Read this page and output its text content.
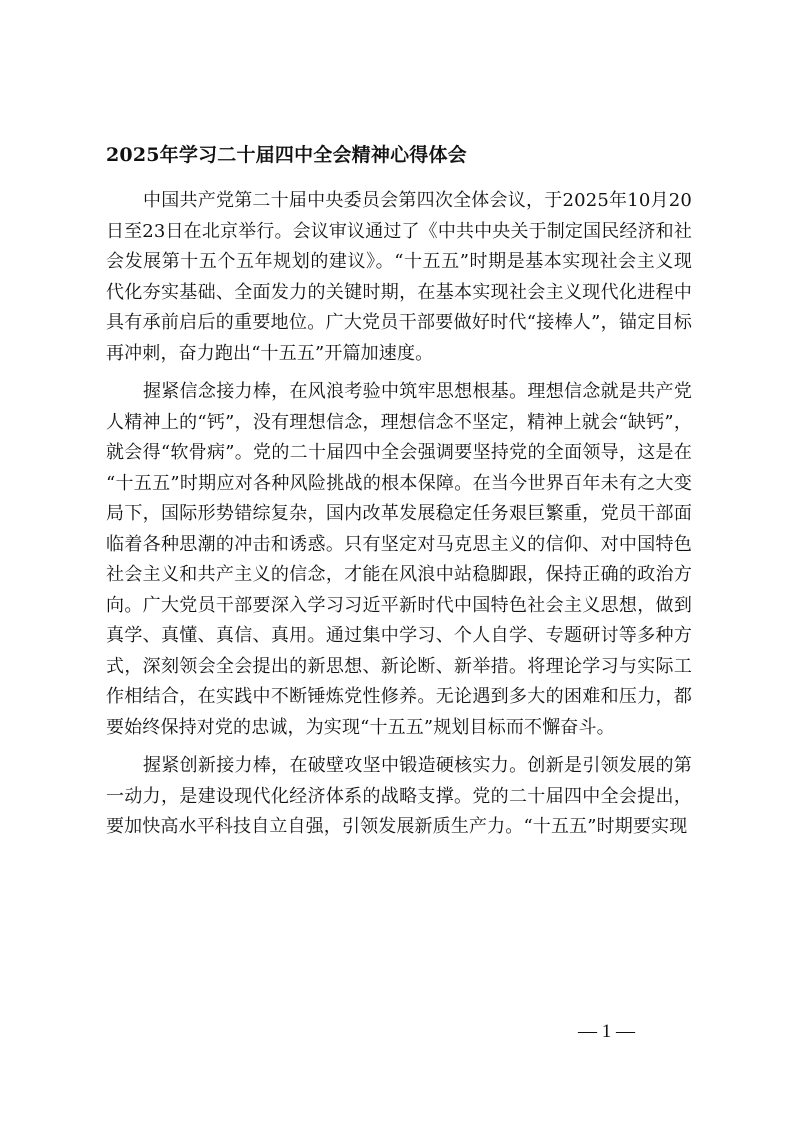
2025年学习二十届四中全会精神心得体会

中国共产党第二十届中央委员会第四次全体会议，于2025年10月20日至23日在北京举行。会议审议通过了《中共中央关于制定国民经济和社会发展第十五个五年规划的建议》。“十五五”时期是基本实现社会主义现代化夯实基础、全面发力的关键时期，在基本实现社会主义现代化进程中具有承前启后的重要地位。广大党员干部要做好时代“接棒人”，锚定目标再冲刺，奋力跑出“十五五”开篇加速度。

握紧信念接力棒，在风浪考验中筑牢思想根基。理想信念就是共产党人精神上的“钙”，没有理想信念，理想信念不坚定，精神上就会“缺钙”，就会得“软骨病”。党的二十届四中全会强调要坚持党的全面领导，这是在“十五五”时期应对各种风险挑战的根本保障。在当今世界百年未有之大变局下，国际形势错综复杂，国内改革发展稳定任务艰巨繁重，党员干部面临着各种思潮的冲击和诱惑。只有坚定对马克思主义的信仰、对中国特色社会主义和共产主义的信念，才能在风浪中站稳脚跟，保持正确的政治方向。广大党员干部要深入学习习近平新时代中国特色社会主义思想，做到真学、真懂、真信、真用。通过集中学习、个人自学、专题研讨等多种方式，深刻领会全会提出的新思想、新论断、新举措。将理论学习与实际工作相结合，在实践中不断锤炼党性修养。无论遇到多大的困难和压力，都要始终保持对党的忠诚，为实现“十五五”规划目标而不懈奋斗。

握紧创新接力棒，在破壁攻坚中锻造硬核实力。创新是引领发展的第一动力，是建设现代化经济体系的战略支撑。党的二十届四中全会提出，要加快高水平科技自立自强，引领发展新质生产力。“十五五”时期要实现

— 1 —
